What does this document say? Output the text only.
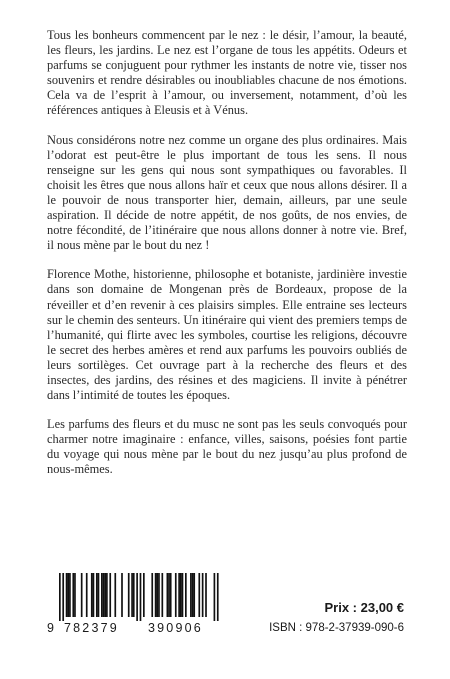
Tous les bonheurs commencent par le nez : le désir, l’amour, la beauté, les fleurs, les jardins. Le nez est l’organe de tous les appétits. Odeurs et parfums se conjuguent pour rythmer les instants de notre vie, tisser nos souvenirs et rendre désirables ou inoubliables chacune de nos émotions. Cela va de l’esprit à l’amour, ou inversement, notamment, d’où les références antiques à Eleusis et à Vénus.

Nous considérons notre nez comme un organe des plus ordinaires. Mais l’odorat est peut-être le plus important de tous les sens. Il nous renseigne sur les gens qui nous sont sympathiques ou favorables. Il choisit les êtres que nous allons haïr et ceux que nous allons désirer. Il a le pouvoir de nous transporter hier, demain, ailleurs, par une seule aspiration. Il décide de notre appétit, de nos goûts, de nos envies, de notre fécondité, de l’itinéraire que nous allons donner à notre vie. Bref, il nous mène par le bout du nez !

Florence Mothe, historienne, philosophe et botaniste, jardinière investie dans son domaine de Mongenan près de Bordeaux, propose de la réveiller et d’en revenir à ces plaisirs simples. Elle entraine ses lecteurs sur le chemin des senteurs. Un itinéraire qui vient des premiers temps de l’humanité, qui flirte avec les symboles, courtise les religions, découvre le secret des herbes amères et rend aux parfums les pouvoirs oubliés de leurs sortilèges. Cet ouvrage part à la recherche des fleurs et des insectes, des jardins, des résines et des magiciens. Il invite à pénétrer dans l’intimité de toutes les époques.

Les parfums des fleurs et du musc ne sont pas les seuls convoqués pour charmer notre imaginaire : enfance, villes, saisons, poésies font partie du voyage qui nous mène par le bout du nez jusqu’au plus profond de nous-mêmes.

9 782379 390906
Prix : 23,00 €
ISBN : 978-2-37939-090-6
